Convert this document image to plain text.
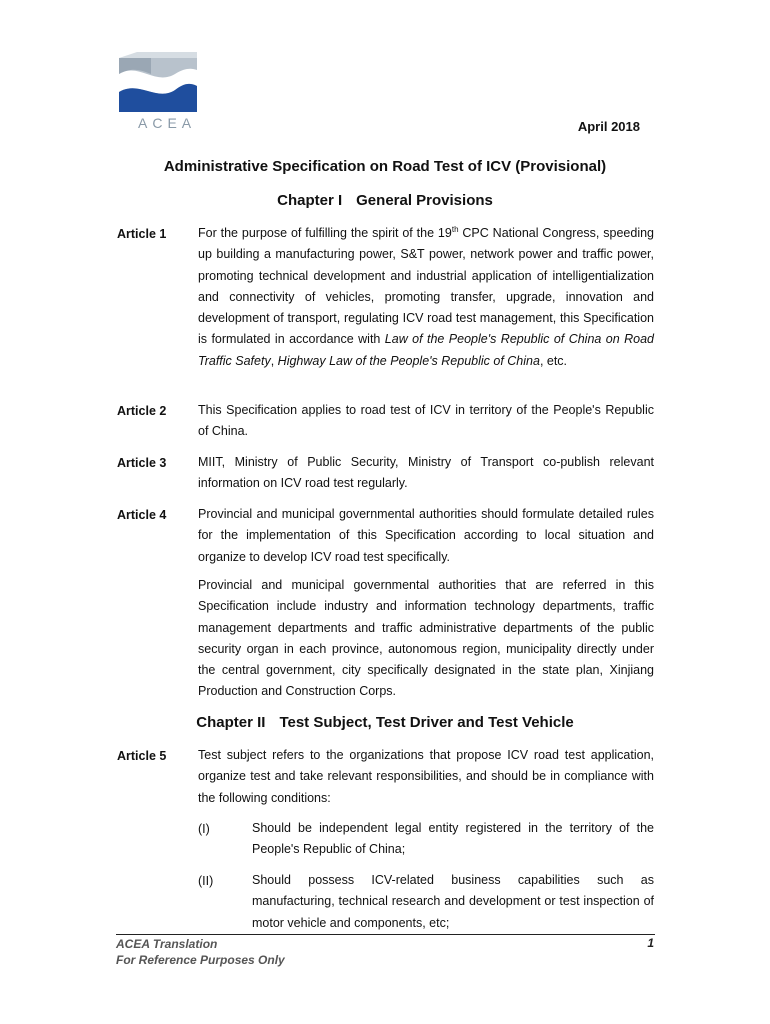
ACEA	April 2018
Administrative Specification on Road Test of ICV (Provisional)
Chapter I General Provisions
Article 1	For the purpose of fulfilling the spirit of the 19th CPC National Congress, speeding up building a manufacturing power, S&T power, network power and traffic power, promoting technical development and industrial application of intelligentialization and connectivity of vehicles, promoting transfer, upgrade, innovation and development of transport, regulating ICV road test management, this Specification is formulated in accordance with Law of the People's Republic of China on Road Traffic Safety, Highway Law of the People's Republic of China, etc.
Article 2	This Specification applies to road test of ICV in territory of the People's Republic of China.
Article 3	MIIT, Ministry of Public Security, Ministry of Transport co-publish relevant information on ICV road test regularly.
Article 4	Provincial and municipal governmental authorities should formulate detailed rules for the implementation of this Specification according to local situation and organize to develop ICV road test specifically.
Provincial and municipal governmental authorities that are referred in this Specification include industry and information technology departments, traffic management departments and traffic administrative departments of the public security organ in each province, autonomous region, municipality directly under the central government, city specifically designated in the state plan, Xinjiang Production and Construction Corps.
Chapter II Test Subject, Test Driver and Test Vehicle
Article 5	Test subject refers to the organizations that propose ICV road test application, organize test and take relevant responsibilities, and should be in compliance with the following conditions:
(I)	Should be independent legal entity registered in the territory of the People's Republic of China;
(II)	Should possess ICV-related business capabilities such as manufacturing, technical research and development or test inspection of motor vehicle and components, etc;
ACEA Translation
For Reference Purposes Only
1
